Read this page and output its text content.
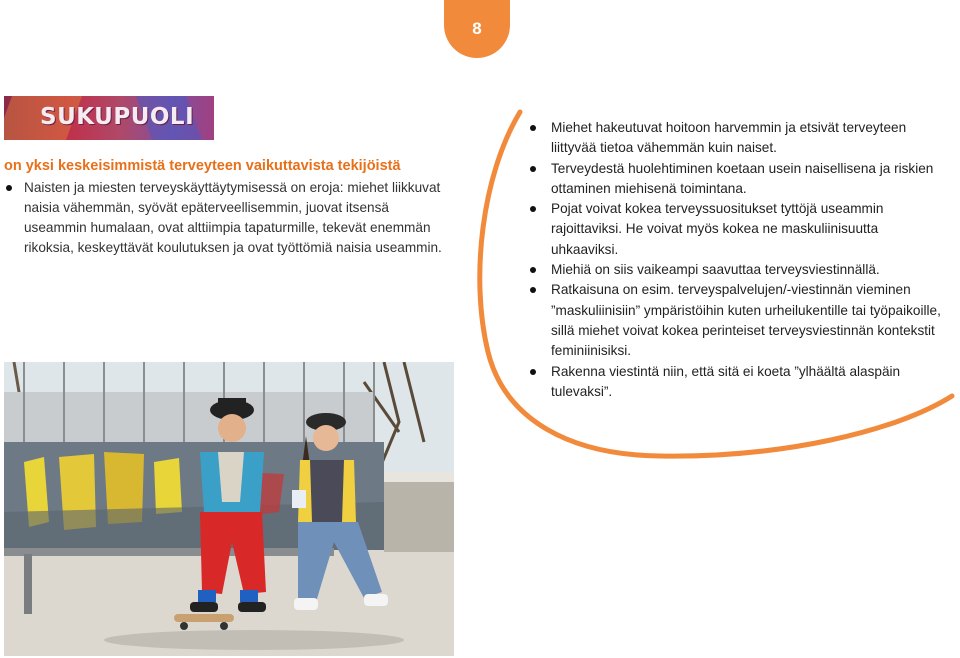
8
SUKUPUOLI
on yksi keskeisimmistä terveyteen vaikuttavista tekijöistä
Naisten ja miesten terveyskäyttäytymisessä on eroja: miehet liikkuvat naisia vähemmän, syövät epäterveellisemmin, juovat itsensä useammin humalaan, ovat alttiimpia tapaturmille, tekevät enemmän rikoksia, keskeyttävät koulutuksen ja ovat työttömiä naisia useammin.
Miehet hakeutuvat hoitoon harvemmin ja etsivät terveyteen liittyvää tietoa vähemmän kuin naiset.
Terveydestä huolehtiminen koetaan usein naisellisena ja riskien ottaminen miehisenä toimintana.
Pojat voivat kokea terveyssuositukset tyttöjä useammin rajoittaviksi. He voivat myös kokea ne maskuliinisuutta uhkaaviksi.
Miehiä on siis vaikeampi saavuttaa terveysviestinnällä.
Ratkaisuna on esim. terveyspalvelujen/-viestinnän vieminen ”maskuliinisiin” ympäristöihin kuten urheilukentille tai työpaikoille, sillä miehet voivat kokea perinteiset terveysviestinnän kontekstit feminiinisiksi.
Rakenna viestintä niin, että sitä ei koeta ”ylhäältä alaspäin tulevaksi”.
